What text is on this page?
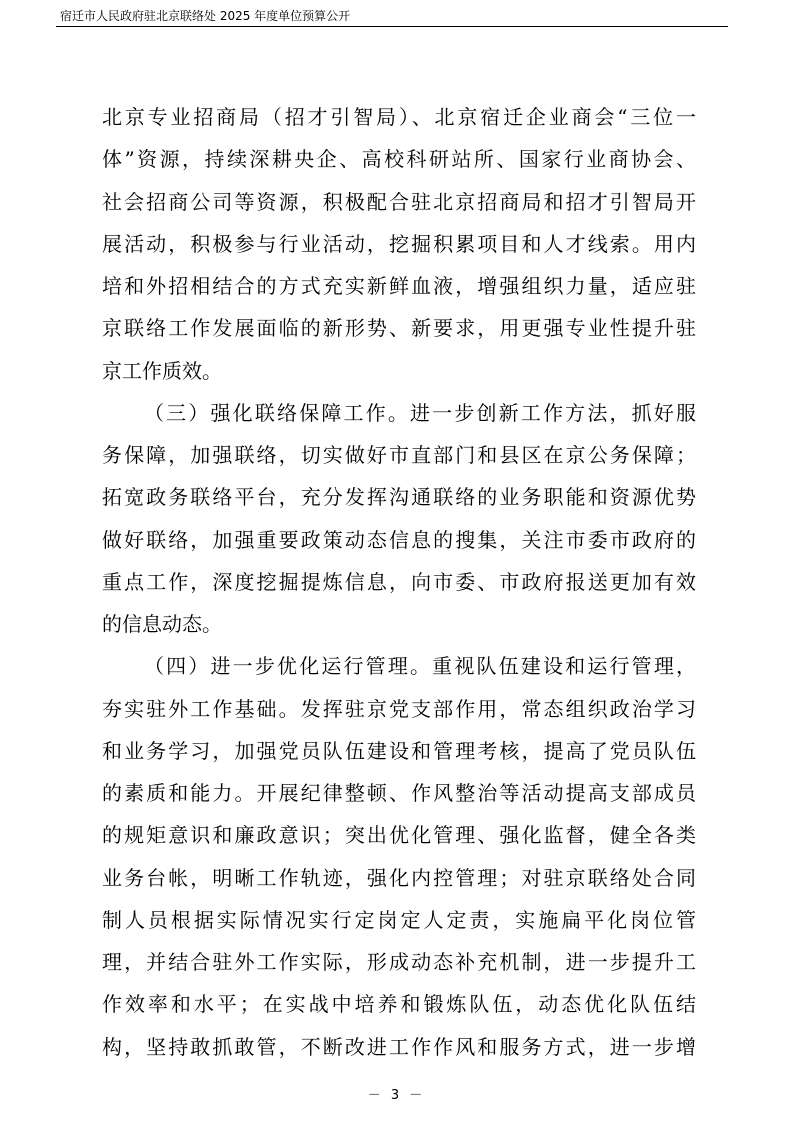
宿迁市人民政府驻北京联络处 2025 年度单位预算公开
北京专业招商局（招才引智局）、北京宿迁企业商会“三位一
体”资源，持续深耕央企、高校科研站所、国家行业商协会、
社会招商公司等资源，积极配合驻北京招商局和招才引智局开
展活动，积极参与行业活动，挖掘积累项目和人才线索。用内
培和外招相结合的方式充实新鲜血液，增强组织力量，适应驻
京联络工作发展面临的新形势、新要求，用更强专业性提升驻
京工作质效。
（三）强化联络保障工作。进一步创新工作方法，抓好服
务保障，加强联络，切实做好市直部门和县区在京公务保障；
拓宽政务联络平台，充分发挥沟通联络的业务职能和资源优势
做好联络，加强重要政策动态信息的搜集，关注市委市政府的
重点工作，深度挖掘提炼信息，向市委、市政府报送更加有效
的信息动态。
（四）进一步优化运行管理。重视队伍建设和运行管理，
夯实驻外工作基础。发挥驻京党支部作用，常态组织政治学习
和业务学习，加强党员队伍建设和管理考核，提高了党员队伍
的素质和能力。开展纪律整顿、作风整治等活动提高支部成员
的规矩意识和廉政意识；突出优化管理、强化监督，健全各类
业务台帐，明晰工作轨迹，强化内控管理；对驻京联络处合同
制人员根据实际情况实行定岗定人定责，实施扁平化岗位管
理，并结合驻外工作实际，形成动态补充机制，进一步提升工
作效率和水平；在实战中培养和锻炼队伍，动态优化队伍结
构，坚持敢抓敢管，不断改进工作作风和服务方式，进一步增
－ 3 －
